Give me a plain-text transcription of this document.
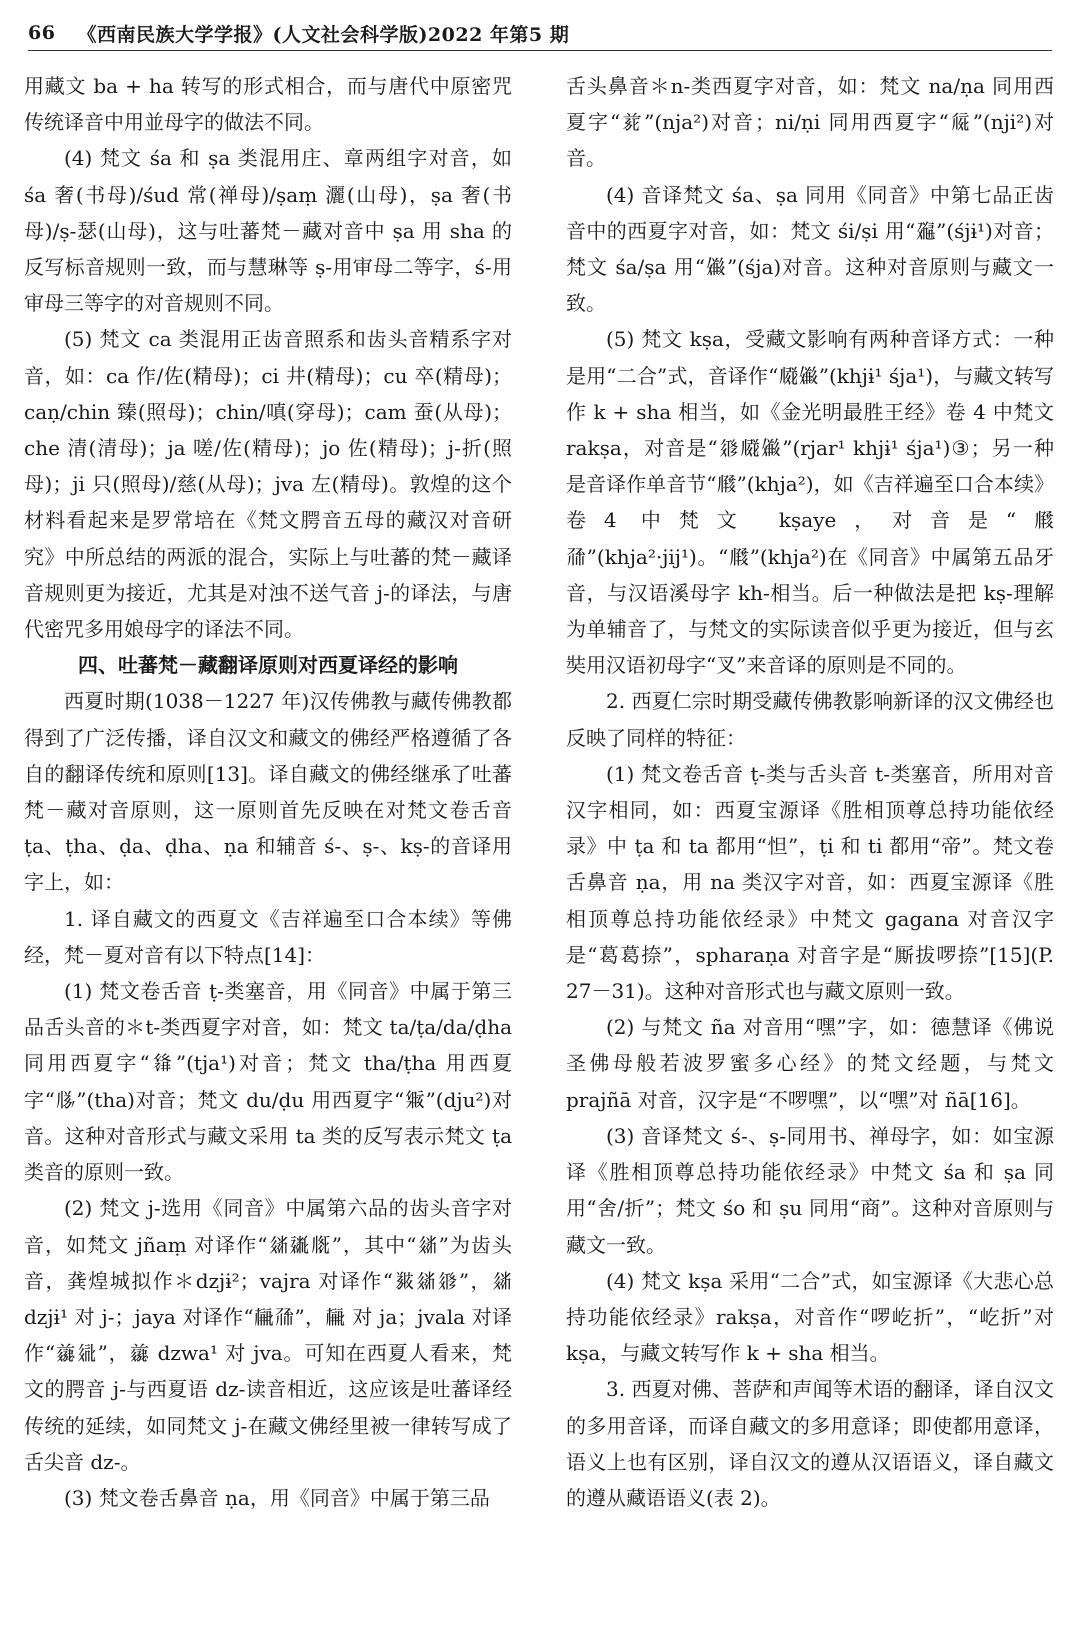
66 《西南民族大学学报》(人文社会科学版)2022 年第5 期

用藏文 ba + ha 转写的形式相合，而与唐代中原密咒传统译音中用並母字的做法不同。

(4) 梵文 śa 和 ṣa 类混用庄、章两组字对音，如 śa 奢(书母)/śud 常(禅母)/ṣaṃ 灑(山母)，ṣa 奢(书母)/ṣ-瑟(山母)，这与吐蕃梵－藏对音中 ṣa 用 sha 的反写标音规则一致，而与慧琳等 ṣ-用审母二等字，ś-用审母三等字的对音规则不同。

(5) 梵文 ca 类混用正齿音照系和齿头音精系字对音，如：ca 作/佐(精母)；ci 井(精母)；cu 卒(精母)；caṇ/chin 臻(照母)；chin/嗔(穿母)；cam 蚕(从母)；che 清(清母)；ja 嗟/佐(精母)；jo 佐(精母)；j-折(照母)；ji 只(照母)/慈(从母)；jva 左(精母)。敦煌的这个材料看起来是罗常培在《梵文腭音五母的藏汉对音研究》中所总结的两派的混合，实际上与吐蕃的梵－藏译音规则更为接近，尤其是对浊不送气音 j-的译法，与唐代密咒多用娘母字的译法不同。

四、吐蕃梵－藏翻译原则对西夏译经的影响

西夏时期(1038－1227 年)汉传佛教与藏传佛教都得到了广泛传播，译自汉文和藏文的佛经严格遵循了各自的翻译传统和原则[13]。译自藏文的佛经继承了吐蕃梵－藏对音原则，这一原则首先反映在对梵文卷舌音 ṭa、ṭha、ḍa、ḍha、ṇa 和辅音 ś-、ṣ-、kṣ-的音译用字上，如：

1. 译自藏文的西夏文《吉祥遍至口合本续》等佛经，梵－夏对音有以下特点[14]：

(1) 梵文卷舌音 ṭ-类塞音，用《同音》中属于第三品舌头音的＊t-类西夏字对音，如：梵文 ta/ṭa/da/ḍha 同用西夏字“𗌭”(tja¹)对音；梵文 tha/ṭha 用西夏字“𗄵”(tha)对音；梵文 du/ḍu 用西夏字“𗋘”(dju²)对音。这种对音形式与藏文采用 ta 类的反写表示梵文 ṭa 类音的原则一致。

(2) 梵文 j-选用《同音》中属第六品的齿头音字对音，如梵文 jñaṃ 对译作“𗣫𗡶𗅋”，其中“𗣫”为齿头音，龚煌城拟作＊dzjɨ²；vajra 对译作“𗯴𗣫𗤁”，𗣫 dzjɨ¹ 对 j-；jaya 对译作“𗍳𗗙”，𗍳 对 ja；jvala 对译作“𗓿𗣼”，𗓿 dzwa¹ 对 jva。可知在西夏人看来，梵文的腭音 j-与西夏语 dz-读音相近，这应该是吐蕃译经传统的延续，如同梵文 j-在藏文佛经里被一律转写成了舌尖音 dz-。

(3) 梵文卷舌鼻音 ṇa，用《同音》中属于第三品

舌头鼻音＊n-类西夏字对音，如：梵文 na/ṇa 同用西夏字“𗐱”(nja²)对音；ni/ṇi 同用西夏字“𗏁”(nji²)对音。

(4) 音译梵文 śa、ṣa 同用《同音》中第七品正齿音中的西夏字对音，如：梵文 śi/ṣi 用“𗘃”(śjɨ¹)对音；梵文 śa/ṣa 用“𗏹”(śja)对音。这种对音原则与藏文一致。

(5) 梵文 kṣa，受藏文影响有两种音译方式：一种是用“二合”式，音译作“𗆧𗏹”(khjɨ¹ śja¹)，与藏文转写作 k + sha 相当，如《金光明最胜王经》卷 4 中梵文 rakṣa，对音是“𗤁𗆧𗏹”(rjar¹ khjɨ¹ śja¹)③；另一种是音译作单音节“𗆨”(khja²)，如《吉祥遍至口合本续》卷4 中梵文 kṣaye，对音是“𗆨𗗙”(khja²·jij¹)。“𗆨”(khja²)在《同音》中属第五品牙音，与汉语溪母字 kh-相当。后一种做法是把 kṣ-理解为单辅音了，与梵文的实际读音似乎更为接近，但与玄奘用汉语初母字“叉”来音译的原则是不同的。

2. 西夏仁宗时期受藏传佛教影响新译的汉文佛经也反映了同样的特征：

(1) 梵文卷舌音 ṭ-类与舌头音 t-类塞音，所用对音汉字相同，如：西夏宝源译《胜相顶尊总持功能依经录》中 ṭa 和 ta 都用“怛”，ṭi 和 ti 都用“帝”。梵文卷舌鼻音 ṇa，用 na 类汉字对音，如：西夏宝源译《胜相顶尊总持功能依经录》中梵文 gagana 对音汉字是“葛葛捺”，spharaṇa 对音字是“厮拔啰捺”[15](P. 27－31)。这种对音形式也与藏文原则一致。

(2) 与梵文 ña 对音用“嘿”字，如：德慧译《佛说圣佛母般若波罗蜜多心经》的梵文经题，与梵文 prajñā 对音，汉字是“不啰嘿”，以“嘿”对 ñā[16]。

(3) 音译梵文 ś-、ṣ-同用书、禅母字，如：如宝源译《胜相顶尊总持功能依经录》中梵文 śa 和 ṣa 同用“舍/折”；梵文 śo 和 ṣu 同用“商”。这种对音原则与藏文一致。

(4) 梵文 kṣa 采用“二合”式，如宝源译《大悲心总持功能依经录》rakṣa，对音作“啰屹折”，“屹折”对 kṣa，与藏文转写作 k + sha 相当。

3. 西夏对佛、菩萨和声闻等术语的翻译，译自汉文的多用音译，而译自藏文的多用意译；即使都用意译，语义上也有区别，译自汉文的遵从汉语语义，译自藏文的遵从藏语语义(表 2)。
